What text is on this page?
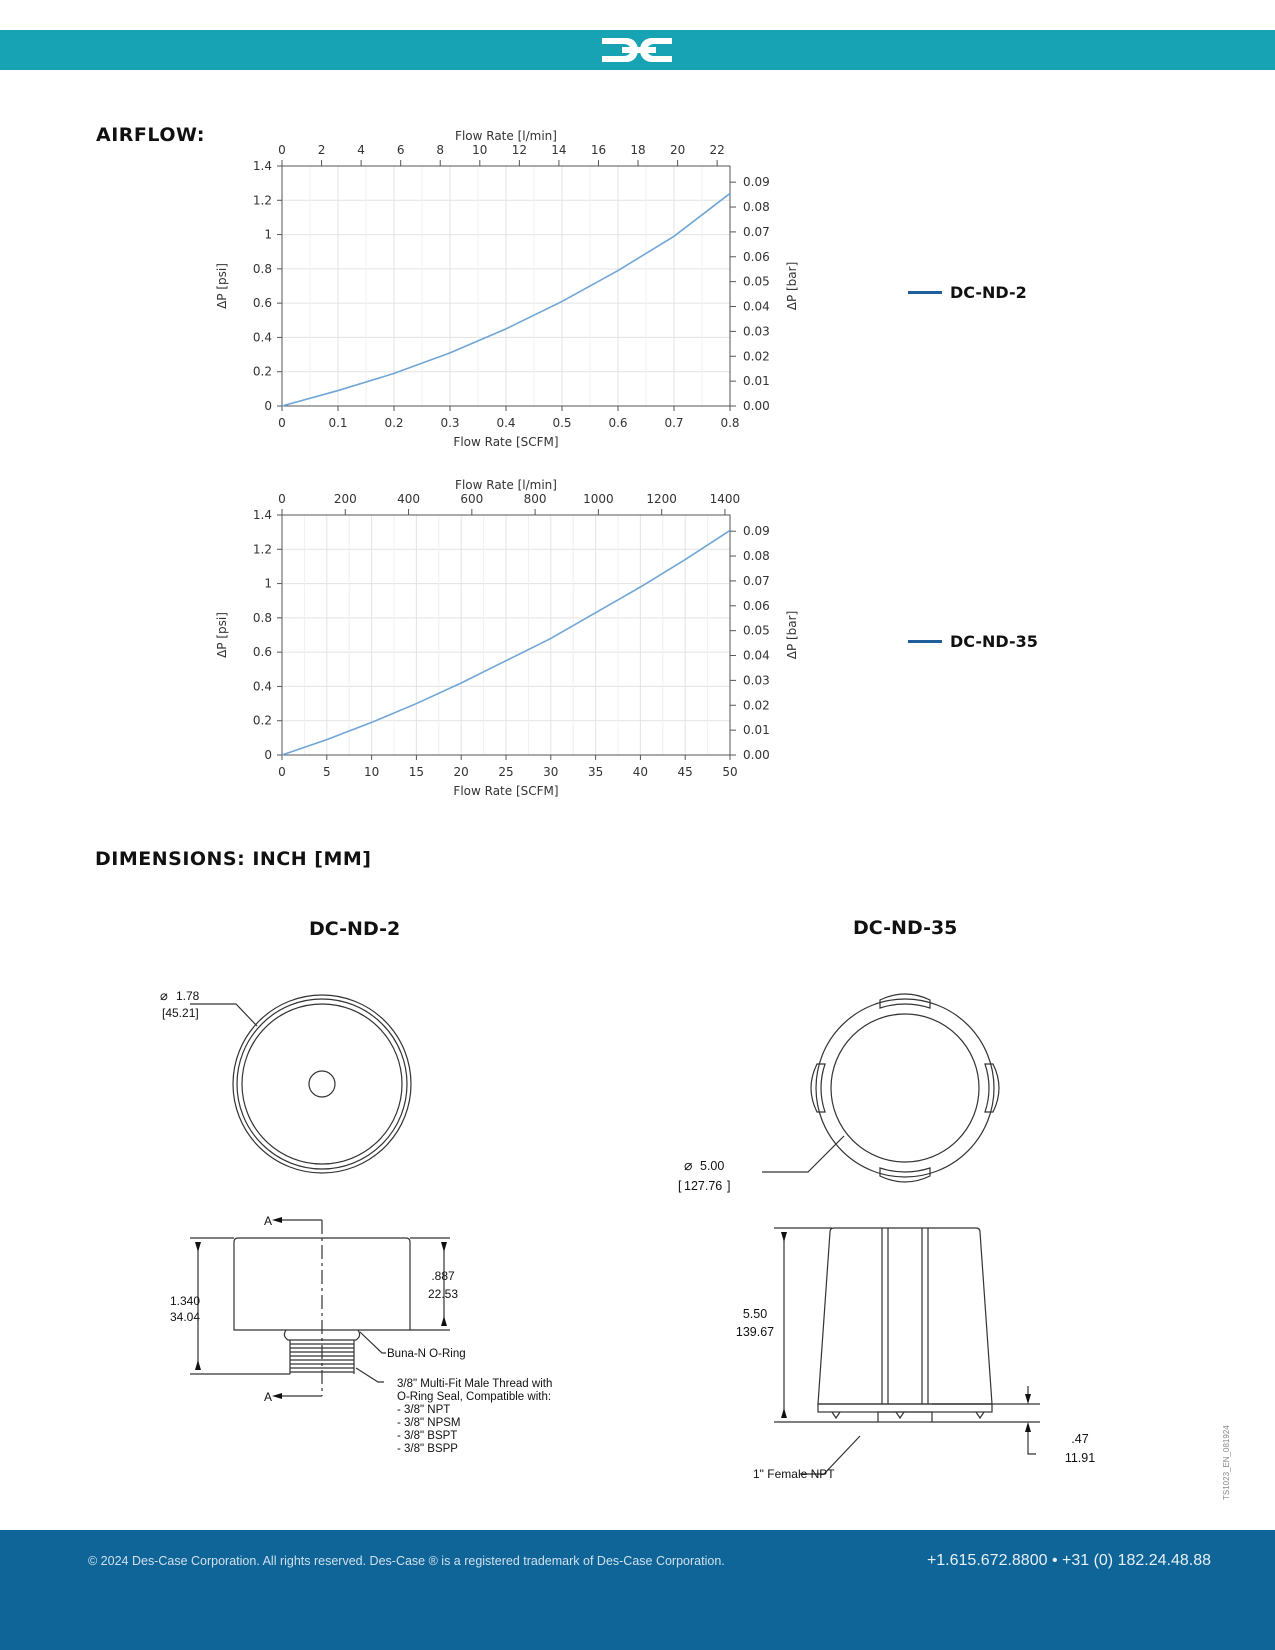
AIRFLOW:
0	0.1	0.2	0.3	0.4	0.5	0.6	0.7	0.8
0
0.2
0.4
0.6
0.8
1
1.2
1.4
0	2	4	6	8 10 12 14 16 18 20 22
0.00
0.01
0.02
0.03
0.04
0.05
0.06
0.07
0.08
0.09
Flow Rate [l/min]
Flow Rate [SCFM]
ΔP [psi]	ΔP [bar]	DC-ND-2
0	5	10 15 20 25 30 35 40 45 50
0
0.2
0.4
0.6
0.8
1
1.2
1.4
0	200	400	600	800	1000	1200	1400
0.00
0.01
0.02
0.03
0.04
0.05
0.06
0.07
0.08
0.09
Flow Rate [l/min]
Flow Rate [SCFM]
ΔP [psi]	ΔP [bar]	DC-ND-35
DIMENSIONS: INCH [MM]
DC-ND-2	DC-ND-35
⌀ 1.78
[45.21]
A
A
1.340
34.04
.887
22.53
Buna-N O-Ring
3/8" Multi-Fit Male Thread with
O-Ring Seal, Compatible with:
- 3/8" NPT
- 3/8" NPSM
- 3/8" BSPT
- 3/8" BSPP
⌀ 5.00
[ 127.76 ]
5.50
139.67
.47
11.91
1" Female NPT	TS1023_EN_081924
© 2024 Des-Case Corporation. All rights reserved. Des-Case ® is a registered trademark of Des-Case Corporation.	+1.615.672.8800 • +31 (0) 182.24.48.88
